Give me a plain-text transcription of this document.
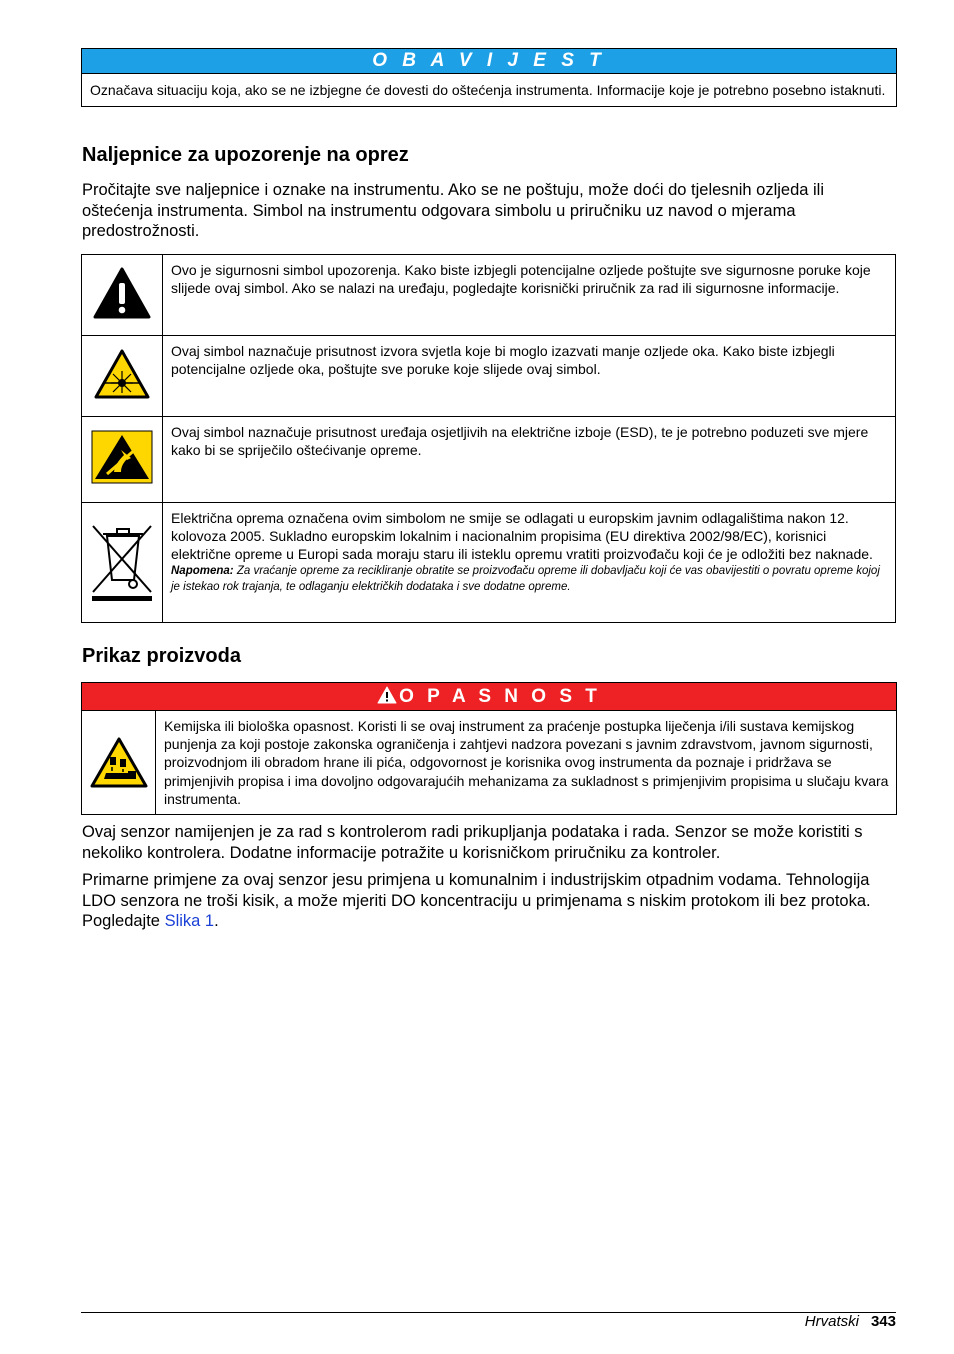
O B A V I J E S T
Označava situaciju koja, ako se ne izbjegne će dovesti do oštećenja instrumenta. Informacije koje je potrebno posebno istaknuti.
Naljepnice za upozorenje na oprez
Pročitajte sve naljepnice i oznake na instrumentu. Ako se ne poštuju, može doći do tjelesnih ozljeda ili oštećenja instrumenta. Simbol na instrumentu odgovara simbolu u priručniku uz navod o mjerama predostrožnosti.
	Ovo je sigurnosni simbol upozorenja. Kako biste izbjegli potencijalne ozljede poštujte sve sigurnosne poruke koje slijede ovaj simbol. Ako se nalazi na uređaju, pogledajte korisnički priručnik za rad ili sigurnosne informacije.
	Ovaj simbol naznačuje prisutnost izvora svjetla koje bi moglo izazvati manje ozljede oka. Kako biste izbjegli potencijalne ozljede oka, poštujte sve poruke koje slijede ovaj simbol.
	Ovaj simbol naznačuje prisutnost uređaja osjetljivih na električne izboje (ESD), te je potrebno poduzeti sve mjere kako bi se spriječilo oštećivanje opreme.

Električna oprema označena ovim simbolom ne smije se odlagati u europskim javnim odlagalištima nakon 12. kolovoza 2005. Sukladno europskim lokalnim i nacionalnim propisima (EU direktiva 2002/98/EC), korisnici električne opreme u Europi sada moraju staru ili isteklu opremu vratiti proizvođaču koji će je odložiti bez naknade.
Napomena: Za vraćanje opreme za recikliranje obratite se proizvođaču opreme ili dobavljaču koji će vas obavijestiti o povratu opreme kojoj je istekao rok trajanja, te odlaganju električkih dodataka i sve dodatne opreme.
Prikaz proizvoda
O P A S N O S T
Kemijska ili biološka opasnost. Koristi li se ovaj instrument za praćenje postupka liječenja i/ili sustava kemijskog punjenja za koji postoje zakonska ograničenja i zahtjevi nadzora povezani s javnim zdravstvom, javnom sigurnosti, proizvodnjom ili obradom hrane ili pića, odgovornost je korisnika ovog instrumenta da poznaje i pridržava se primjenjivih propisa i ima dovoljno odgovarajućih mehanizama za sukladnost s primjenjivim propisima u slučaju kvara instrumenta.
Ovaj senzor namijenjen je za rad s kontrolerom radi prikupljanja podataka i rada. Senzor se može koristiti s nekoliko kontrolera. Dodatne informacije potražite u korisničkom priručniku za kontroler.
Primarne primjene za ovaj senzor jesu primjena u komunalnim i industrijskim otpadnim vodama. Tehnologija LDO senzora ne troši kisik, a može mjeriti DO koncentraciju u primjenama s niskim protokom ili bez protoka. Pogledajte Slika 1.
Hrvatski 343
